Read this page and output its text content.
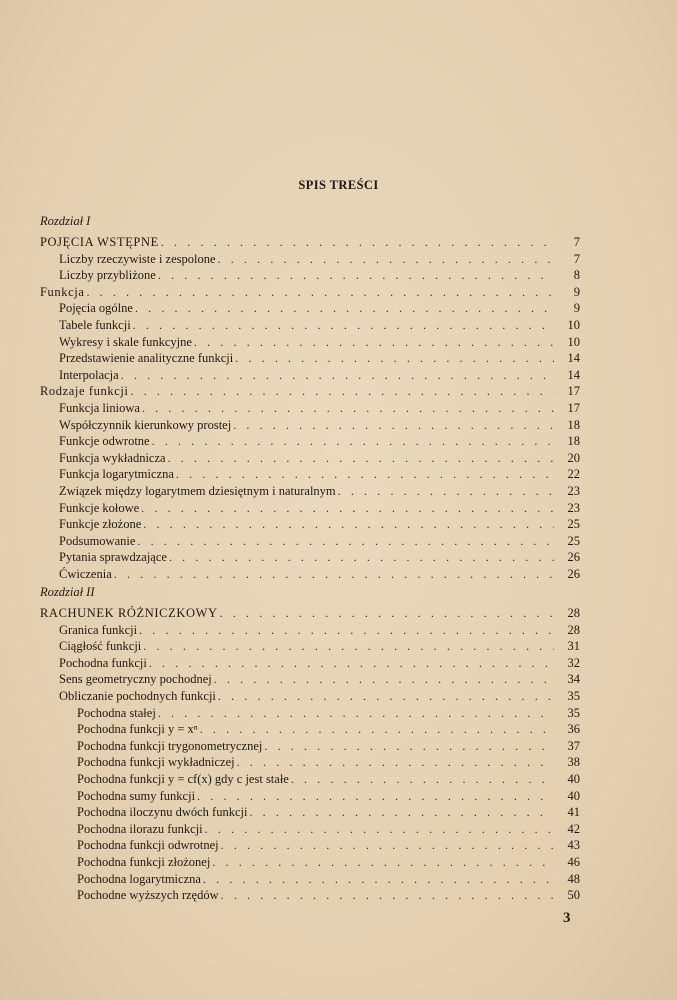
SPIS TREŚCI
Rozdział I
POJĘCIA WSTĘPNE . . .	7
Liczby rzeczywiste i zespolone . . .	7
Liczby przybliżone . . .	8
Funkcja . . .	9
Pojęcia ogólne . . .	9
Tabele funkcji . . .	10
Wykresy i skale funkcyjne . . .	10
Przedstawienie analityczne funkcji . . .	14
Interpolacja . . .	14
Rodzaje funkcji . . .	17
Funkcja liniowa . . .	17
Współczynnik kierunkowy prostej . . .	18
Funkcje odwrotne . . .	18
Funkcja wykładnicza . . .	20
Funkcja logarytmiczna . . .	22
Związek między logarytmem dziesiętnym i naturalnym . . .	23
Funkcje kołowe . . .	23
Funkcje złożone . . .	25
Podsumowanie . . .	25
Pytania sprawdzające . . .	26
Ćwiczenia . . .	26
Rozdział II
RACHUNEK RÓŻNICZKOWY . . .	28
Granica funkcji . . .	28
Ciągłość funkcji . . .	31
Pochodna funkcji . . .	32
Sens geometryczny pochodnej . . .	34
Obliczanie pochodnych funkcji . . .	35
Pochodna stałej . . .	35
Pochodna funkcji y = xⁿ . . .	36
Pochodna funkcji trygonometrycznej . . .	37
Pochodna funkcji wykładniczej . . .	38
Pochodna funkcji y = cf(x) gdy c jest stałe . . .	40
Pochodna sumy funkcji . . .	40
Pochodna iloczynu dwóch funkcji . . .	41
Pochodna ilorazu funkcji . . .	42
Pochodna funkcji odwrotnej . . .	43
Pochodna funkcji złożonej . . .	46
Pochodna logarytmiczna . . .	48
Pochodne wyższych rzędów . . .	50
3
